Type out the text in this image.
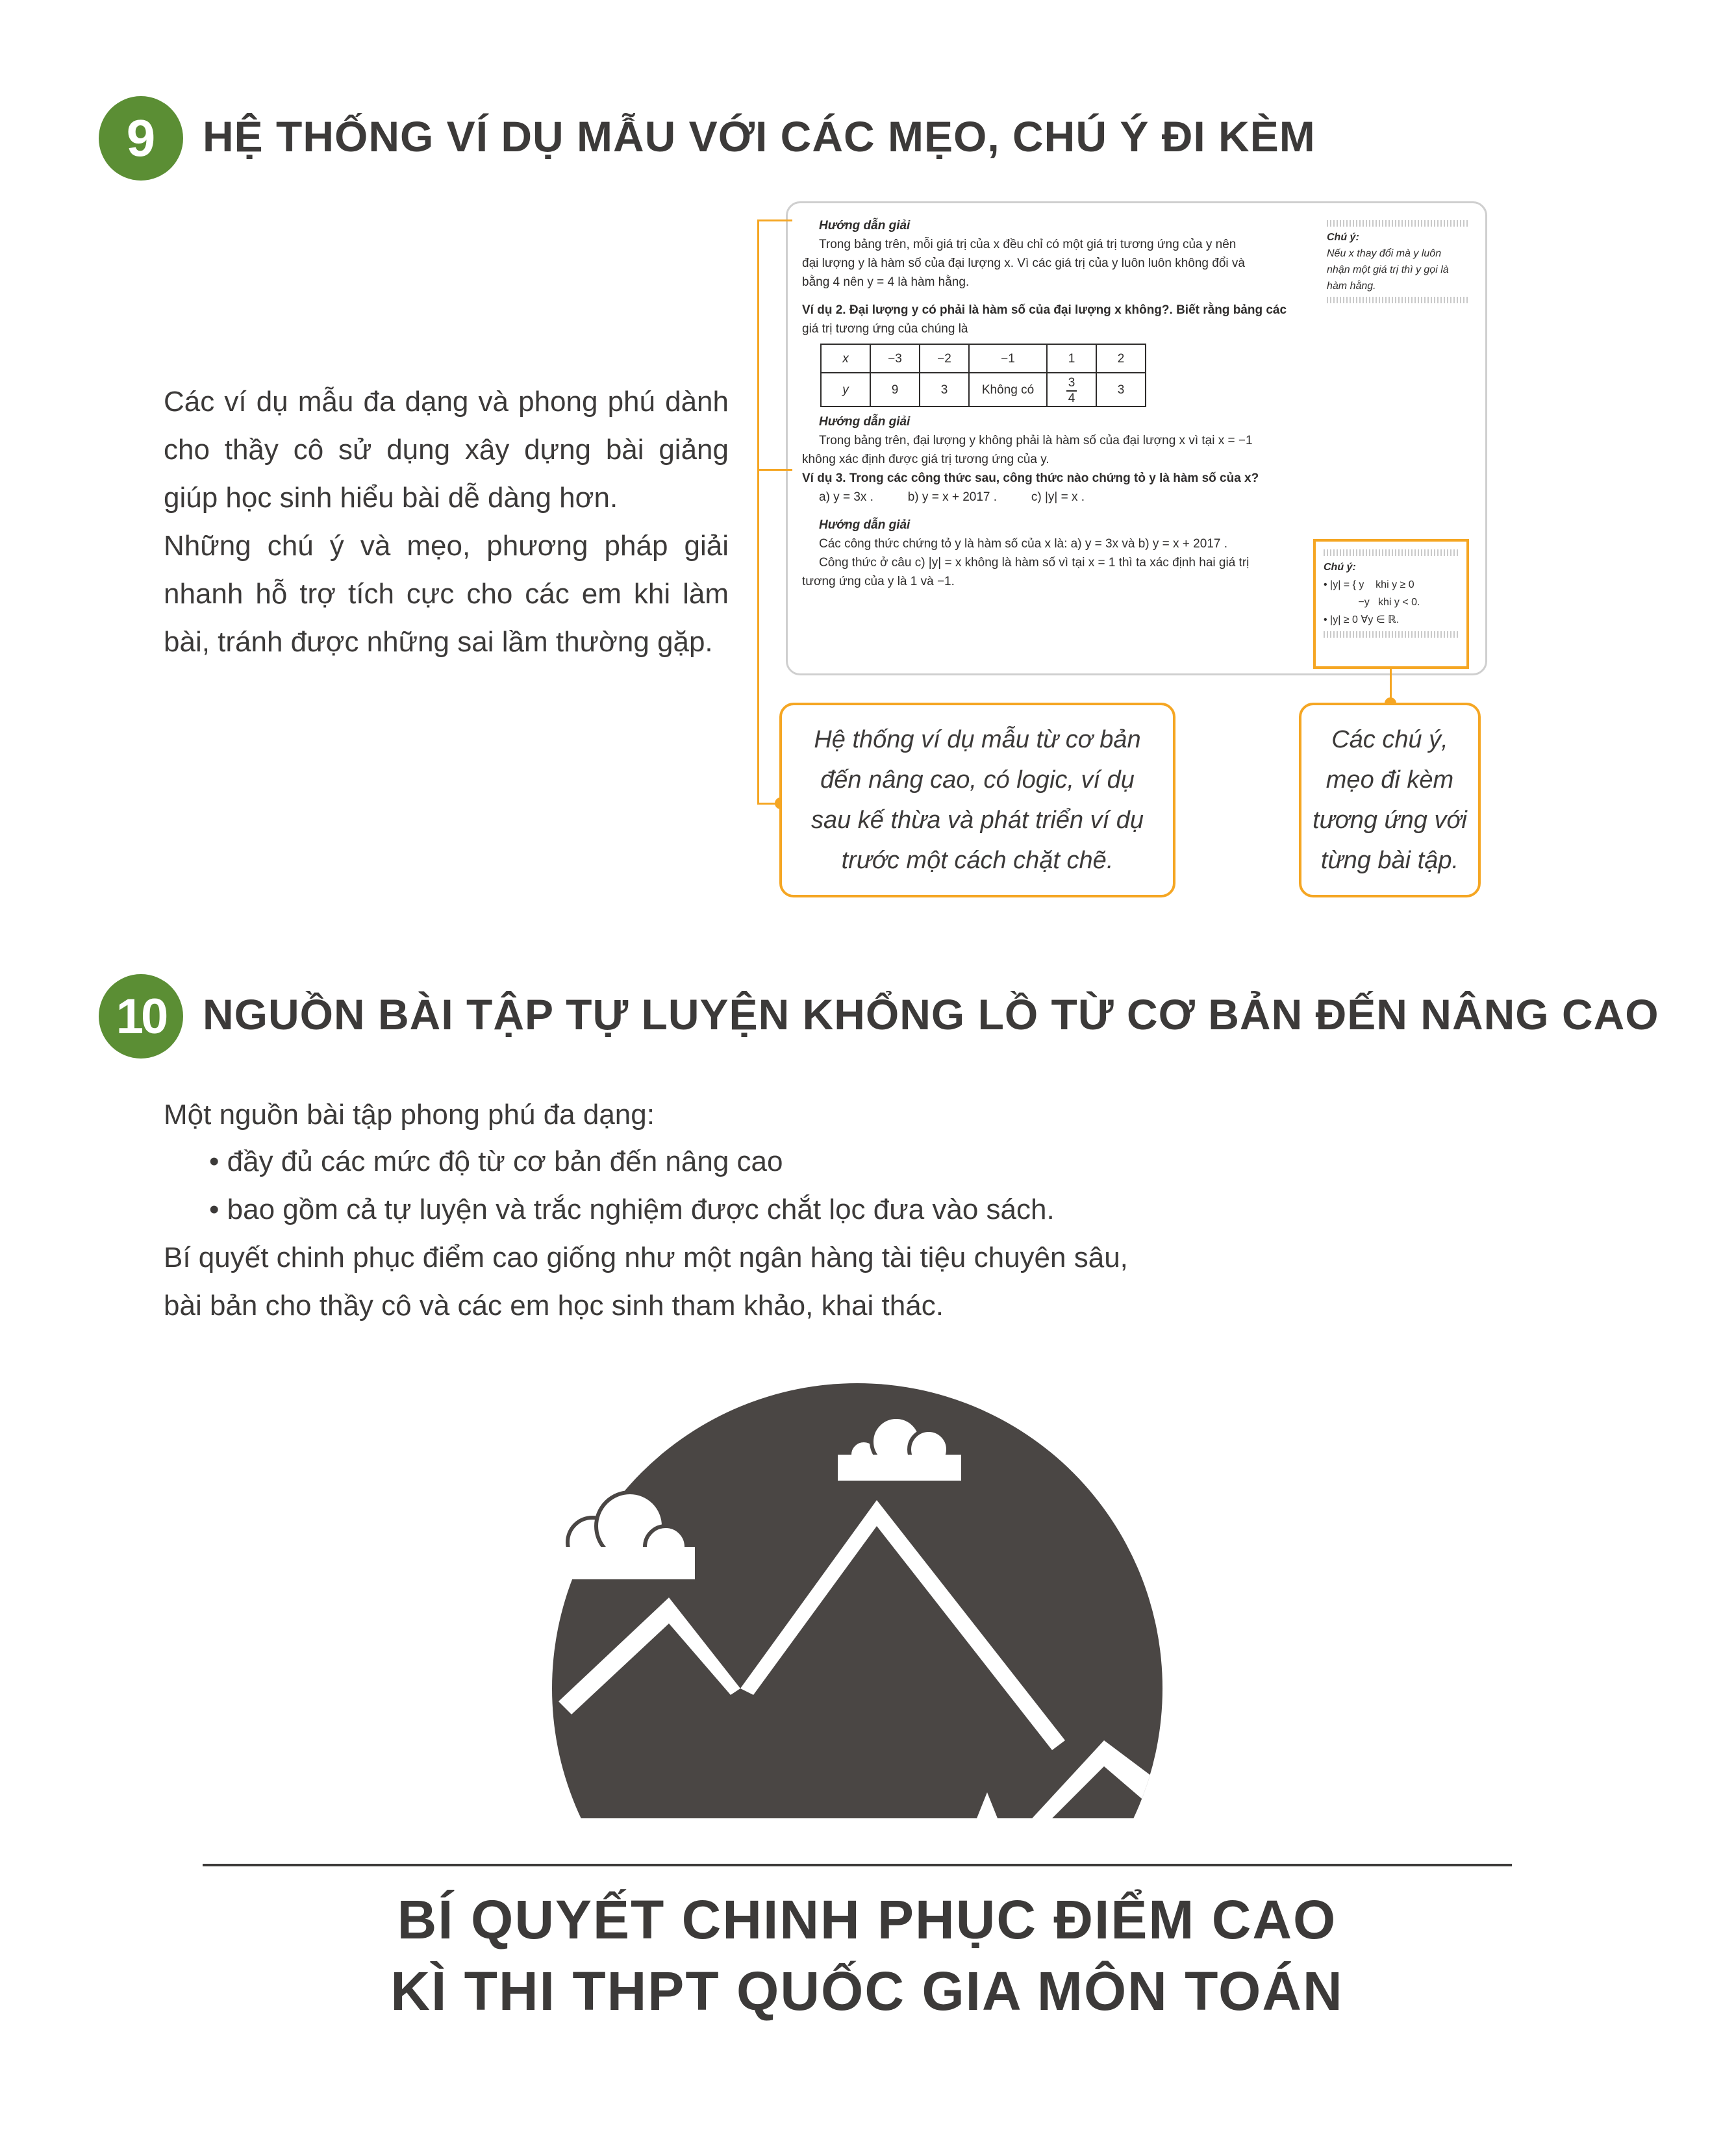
9	HỆ THỐNG VÍ DỤ MẪU VỚI CÁC MẸO, CHÚ Ý ĐI KÈM

Các ví dụ mẫu đa dạng và phong phú dành

cho thầy cô sử dụng xây dựng bài giảng

giúp học sinh hiểu bài dễ dàng hơn.

Những chú ý và mẹo, phương pháp giải

nhanh hỗ trợ tích cực cho các em khi làm

bài, tránh được những sai lầm thường gặp.

Hướng dẫn giải
Trong bảng trên, mỗi giá trị của x đều chỉ có một giá trị tương ứng của y nên
đại lượng y là hàm số của đại lượng x. Vì các giá trị của y luôn luôn không đổi và
bằng 4 nên y = 4 là hàm hằng.
Ví dụ 2. Đại lượng y có phải là hàm số của đại lượng x không?. Biết rằng bảng các
giá trị tương ứng của chúng là
x	−3	−2	−1	1	2
y	9	3	Không có	$\frac{3}{4}$	3
Hướng dẫn giải
Trong bảng trên, đại lượng y không phải là hàm số của đại lượng x vì tại x = −1
không xác định được giá trị tương ứng của y.
Ví dụ 3. Trong các công thức sau, công thức nào chứng tỏ y là hàm số của x?
a) y = 3x .          b) y = x + 2017 .          c) |y| = x .
Hướng dẫn giải
Các công thức chứng tỏ y là hàm số của x là: a) y = 3x và b) y = x + 2017 .
Công thức ở câu c) |y| = x không là hàm số vì tại x = 1 thì ta xác định hai giá trị
tương ứng của y là 1 và −1.
Chú ý:
Nếu x thay đổi mà y luôn
nhận một giá trị thì y gọi là
hàm hằng.
Chú ý:
• |y| = { y    khi y ≥ 0
−y   khi y < 0.
• |y| ≥ 0 ∀y ∈ ℝ.

Hệ thống ví dụ mẫu từ cơ bản

đến nâng cao, có logic, ví dụ

sau kế thừa và phát triển ví dụ

trước một cách chặt chẽ.

Các chú ý,

mẹo đi kèm

tương ứng với

từng bài tập.

10 NGUỒN BÀI TẬP TỰ LUYỆN KHỔNG LỒ TỪ CƠ BẢN ĐẾN NÂNG CAO
Một nguồn bài tập phong phú đa dạng:
• đầy đủ các mức độ từ cơ bản đến nâng cao
• bao gồm cả tự luyện và trắc nghiệm được chắt lọc đưa vào sách.

Bí quyết chinh phục điểm cao giống như một ngân hàng tài tiệu chuyên sâu,

bài bản cho thầy cô và các em học sinh tham khảo, khai thác.

BÍ QUYẾT CHINH PHỤC ĐIỂM CAO
KÌ THI THPT QUỐC GIA MÔN TOÁN
